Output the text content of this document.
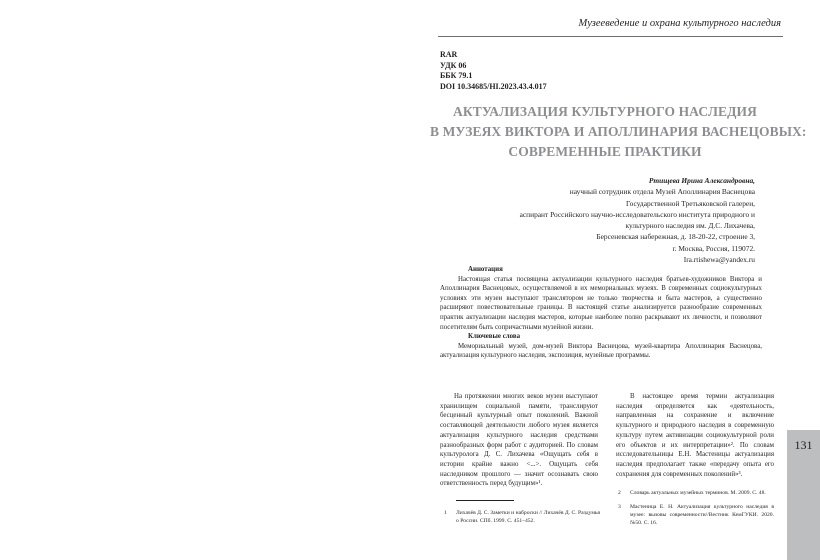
Музееведение и охрана культурного наследия
131
RAR
УДК 06
ББК 79.1
DOI 10.34685/HI.2023.43.4.017
АКТУАЛИЗАЦИЯ КУЛЬТУРНОГО НАСЛЕДИЯ
В МУЗЕЯХ ВИКТОРА И АПОЛЛИНАРИЯ ВАСНЕЦОВЫХ:
СОВРЕМЕННЫЕ ПРАКТИКИ
Ртищева Ирина Александровна,
научный сотрудник отдела Музей Аполлинария Васнецова
Государственной Третьяковской галереи,
аспирант Российского научно-исследовательского института природного и
культурного наследия им. Д.С. Лихачева,
Берсеневская набережная, д. 18-20-22, строение 3,
г. Москва, Россия, 119072.
Ira.rtishewa@yandex.ru
Аннотация
Настоящая статья посвящена актуализации культурного наследия братьев-художников Виктора и Аполлинария Васнецовых, осуществляемой в их мемориальных музеях. В современных социокультурных условиях эти музеи выступают транслятором не только творчества и быта мастеров, а существенно расширяют повествовательные границы. В настоящей статье анализируется разнообразие современных практик актуализации наследия мастеров, которые наиболее полно раскрывают их личности, и позволяют посетителям быть сопричастными музейной жизни.
Ключевые слова
Мемориальный музей, дом-музей Виктора Васнецова, музей-квартира Аполлинария Васнецова, актуализация культурного наследия, экспозиция, музейные программы.
На протяжении многих веков музеи выступают хранилищем социальной памяти, транслируют бесценный культурный опыт поколений. Важной составляющей деятельности любого музея является актуализация культурного наследия средствами разнообразных форм работ с аудиторией. По словам культуролога Д. С. Лихачева «Ощущать себя в истории крайне важно <...>. Ощущать себя наследником прошлого — значит осознавать свою ответственность перед будущим»¹.
В настоящее время термин актуализация наследия определяется как «деятельность, направленная на сохранение и включение культурного и природного наследия в современную культуру путем активизации социокультурной роли его объектов и их интерпретации»². По словам исследовательницы Е.Н. Мастеницы актуализация наследия предполагает также «передачу опыта его сохранения для современных поколений»³.
1 Лихачёв Д. С. Заметки и наброски // Лихачёв Д. С. Раздумья о России. СПб. 1999. С. 451–452.
2 Словарь актуальных музейных терминов. М. 2009. С. 48.
3 Мастеница Е. Н. Актуализация культурного наследия в музее: вызовы современности//Вестник КемГУКИ. 2020. №50. С. 16.
